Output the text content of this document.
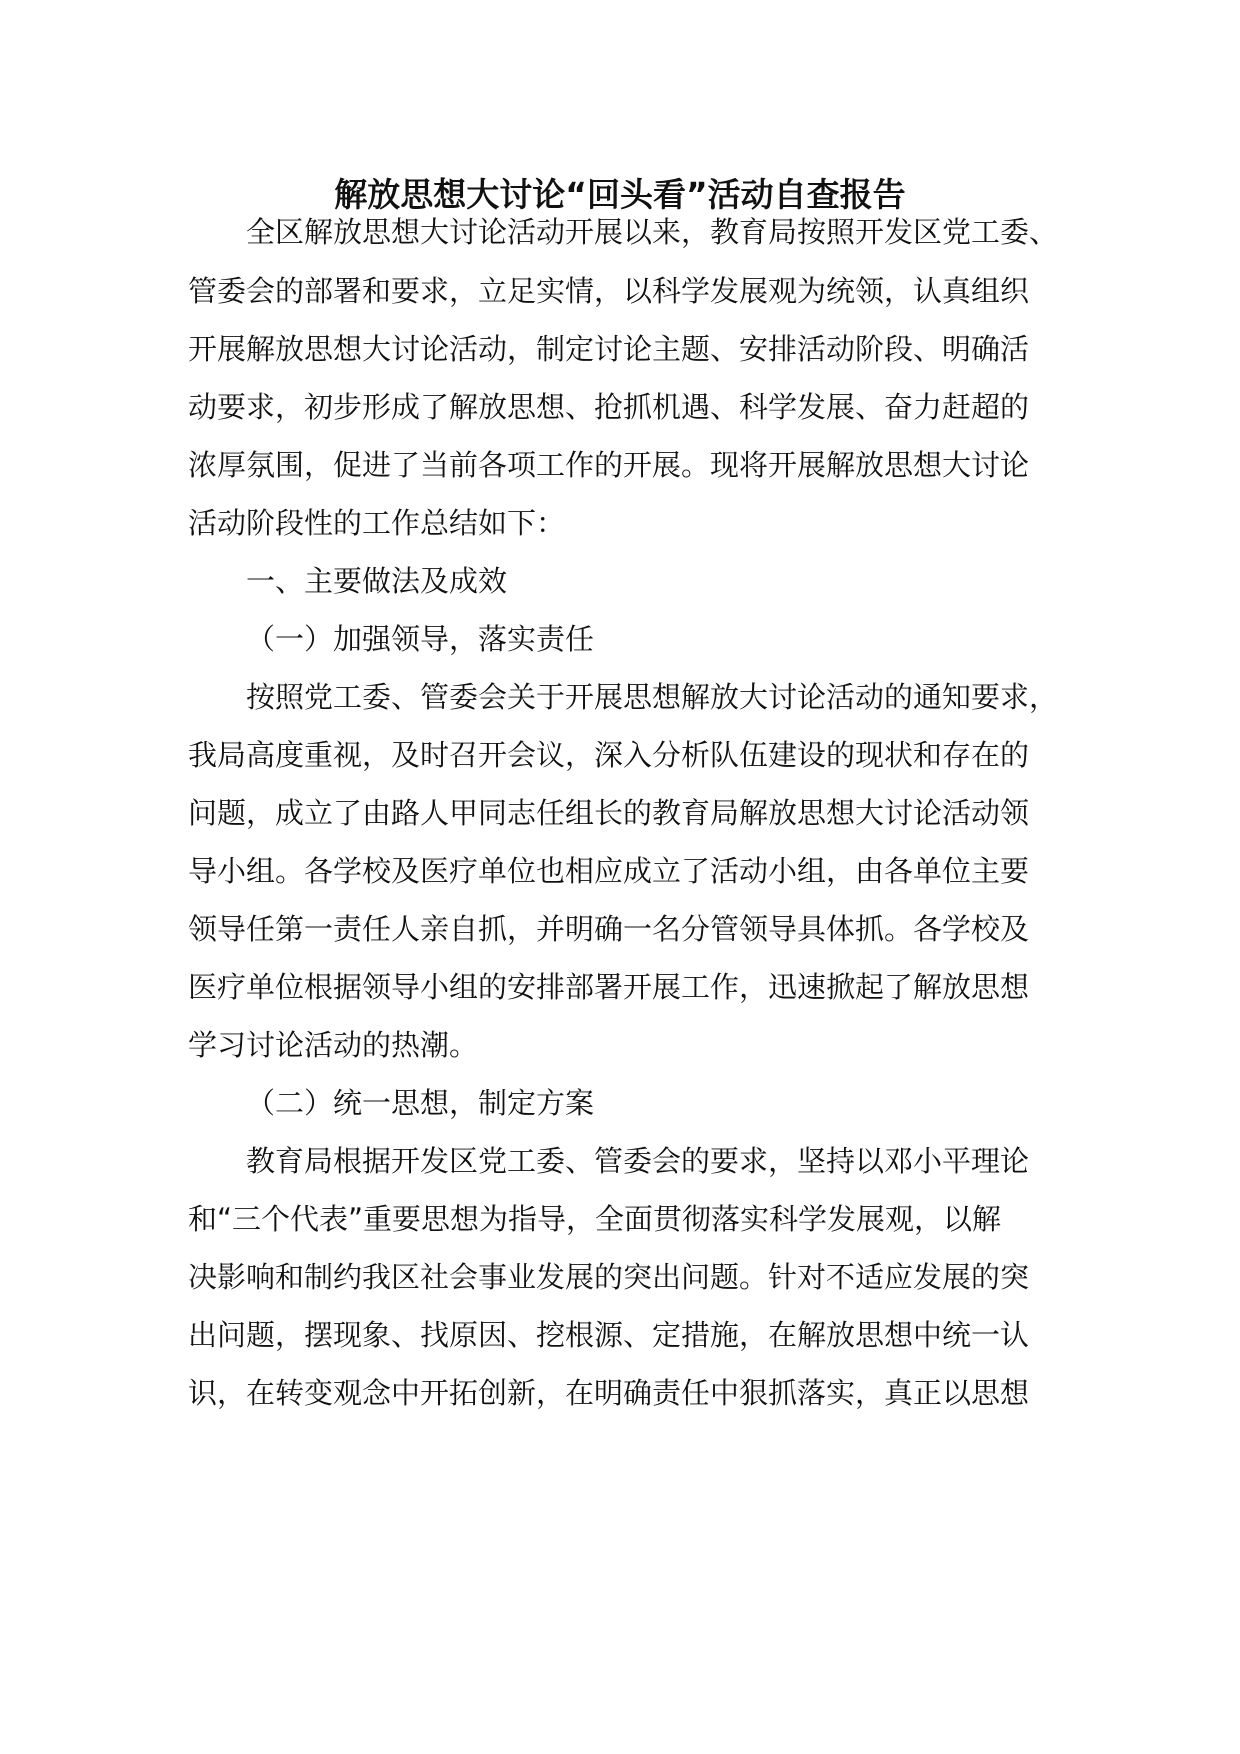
解放思想大讨论“回头看”活动自查报告

全区解放思想大讨论活动开展以来，教育局按照开发区党工委、

管委会的部署和要求，立足实情，以科学发展观为统领，认真组织

开展解放思想大讨论活动，制定讨论主题、安排活动阶段、明确活

动要求，初步形成了解放思想、抢抓机遇、科学发展、奋力赶超的

浓厚氛围，促进了当前各项工作的开展。现将开展解放思想大讨论

活动阶段性的工作总结如下：

一、主要做法及成效

（一）加强领导，落实责任

按照党工委、管委会关于开展思想解放大讨论活动的通知要求，

我局高度重视，及时召开会议，深入分析队伍建设的现状和存在的

问题，成立了由路人甲同志任组长的教育局解放思想大讨论活动领

导小组。各学校及医疗单位也相应成立了活动小组，由各单位主要

领导任第一责任人亲自抓，并明确一名分管领导具体抓。各学校及

医疗单位根据领导小组的安排部署开展工作，迅速掀起了解放思想

学习讨论活动的热潮。

（二）统一思想，制定方案

教育局根据开发区党工委、管委会的要求，坚持以邓小平理论

和“三个代表”重要思想为指导，全面贯彻落实科学发展观，以解

决影响和制约我区社会事业发展的突出问题。针对不适应发展的突

出问题，摆现象、找原因、挖根源、定措施，在解放思想中统一认

识，在转变观念中开拓创新，在明确责任中狠抓落实，真正以思想
